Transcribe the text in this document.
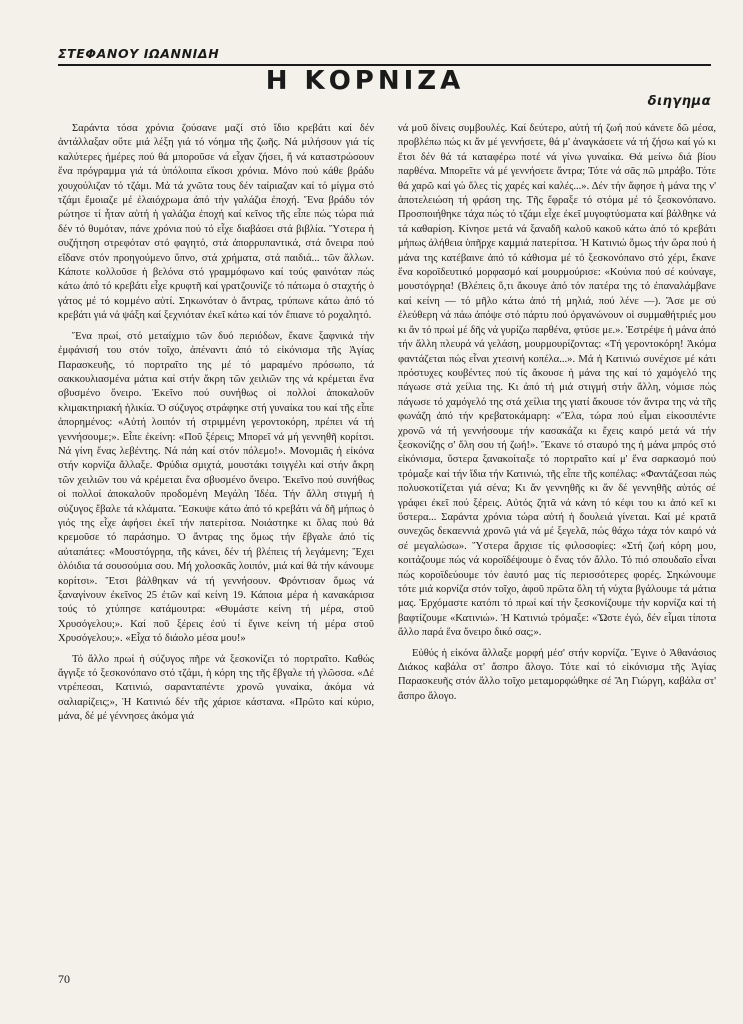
ΣΤΕΦΑΝΟΥ ΙΩΑΝΝΙΔΗ
Η ΚΟΡΝΙΖΑ
διηγημα

Σαράντα τόσα χρόνια ζούσανε μαζί στό ἴδιο κρεβάτι καί δέν ἀντάλλαξαν οὔτε μιά λέξη γιά τό νόημα τῆς ζωῆς. Νά μιλήσουν γιά τίς καλύτερες ἡμέρες πού θά μποροῦσε νά εἶχαν ζήσει, ἤ νά καταστρώσουν ἕνα πρόγραμμα γιά τά ὑπόλοιπα εἴκοσι χρόνια. Μόνο πού κάθε βράδυ χουχούλιζαν τό τζάμι. Μά τά χνῶτα τους δέν ταίριαζαν καί τό μίγμα στό τζάμι ἔμοιαζε μέ ἐλαιόχρωμα ἀπό τήν γαλάζια ἐποχή. Ἕνα βράδυ τόν ρώτησε τί ἦταν αὐτή ἡ γαλάζια ἐποχή καί κεῖνος τῆς εἶπε πώς τώρα πιά δέν τό θυμόταν, πάνε χρόνια πού τό εἶχε διαβάσει στά βιβλία. Ὕστερα ἡ συζήτηση στρεφόταν στό φαγητό, στά ἀπορρυπαντικά, στά ὄνειρα πού εἴδανε στόν προηγούμενο ὕπνο, στά χρήματα, στά παιδιά... τῶν ἄλλων. Κάποτε κολλοῦσε ἡ βελόνα στό γραμμόφωνο καί τούς φαινόταν πώς κάτω ἀπό τό κρεβάτι εἶχε κρυφτῆ καί γρατζουνίζε τό πάτωμα ὁ σταχτής ὁ γάτος μέ τό κομμένο αὐτί. Σηκωνόταν ὁ ἄντρας, τρύπωνε κάτω ἀπό τό κρεβάτι γιά νά ψάξη καί ξεχνιόταν ἐκεῖ κάτω καί τόν ἔπιανε τό ροχαλητό.

Ἕνα πρωί, στό μεταίχμιο τῶν δυό περιόδων, ἔκανε ξαφνικά τήν ἐμφάνισή του στόν τοῖχο, ἀπέναντι ἀπό τό εἰκόνισμα τῆς Ἁγίας Παρασκευῆς, τό πορτραῖτο της μέ τό μαραμένο πρόσωπο, τά σακκουλιασμένα μάτια καί στήν ἄκρη τῶν χειλιῶν της νά κρέμεται ἕνα σβυσμένο ὄνειρο. Ἐκεῖνο πού συνήθως οἱ πολλοί ἀποκαλοῦν κλιμακτηριακή ἡλικία. Ὁ σύζυγος στράφηκε στή γυναίκα του καί τῆς εἶπε ἀπορημένος: «Αὐτή λοιπόν τή στριμμένη γεροντοκόρη, πρέπει νά τή γεννήσουμε;». Εἶπε ἐκείνη: «Ποῦ ξέρεις; Μπορεῖ νά μή γεννηθῆ κορίτσι. Νά γίνη ἕνας λεβέντης. Νά πάη καί στόν πόλεμο!». Μονομιᾶς ἡ εἰκόνα στήν κορνίζα ἄλλαξε. Φρύδια σμιχτά, μουστάκι τσιγγέλι καί στήν ἄκρη τῶν χειλιῶν του νά κρέμεται ἕνα σβυσμένο ὄνειρο. Ἐκεῖνο πού συνήθως οἱ πολλοί ἀποκαλοῦν προδομένη Μεγάλη Ἰδέα. Τήν ἄλλη στιγμή ἡ σύζυγος ἔβαλε τά κλάματα. Ἔσκυψε κάτω ἀπό τό κρεβάτι νά δῆ μήπως ὁ γιός της εἶχε ἀφήσει ἐκεῖ τήν πατερίτσα. Νοιάστηκε κι ὅλας πού θά κρεμοῦσε τό παράσημο. Ὁ ἄντρας της ὅμως τήν ἔβγαλε ἀπό τίς αὐταπάτες: «Μουστόγρηα, τῆς κάνει, δέν τή βλέπεις τή λεγάμενη; Ἔχει ὁλόιδια τά σουσούμια σου. Μή χολοσκᾶς λοιπόν, μιά καί θά τήν κάνουμε κορίτσι». Ἔτσι βάλθηκαν νά τή γεννήσουν. Φρόντισαν ὅμως νά ξαναγίνουν ἐκεῖνος 25 ἐτῶν καί κείνη 19. Κάποια μέρα ἡ κανακάρισα τούς τό χτύπησε κατάμουτρα: «Θυμάστε κείνη τή μέρα, στοῦ Χρυσόγελου;». Καί ποῦ ξέρεις ἐσύ τί ἔγινε κείνη τή μέρα στοῦ Χρυσόγελου;». «Εἶχα τό διάολο μέσα μου!»

Τό ἄλλο πρωί ἡ σύζυγος πῆρε νά ξεσκονίζει τό πορτραῖτο. Καθώς ἄγγιξε τό ξεσκονόπανο στό τζάμι, ἡ κόρη της τῆς ἔβγαλε τή γλῶσσα. «Δέ ντρέπεσαι, Κατινιώ, σαρανταπέντε χρονῶ γυναίκα, ἀκόμα νά σαλιαρίζεις;», Ἡ Κατινιώ δέν τῆς χάρισε κάστανα. «Πρῶτο καί κύριο, μάνα, δέ μέ γέννησες ἀκόμα γιά

νά μοῦ δίνεις συμβουλές. Καί δεύτερο, αὐτή τή ζωή πού κάνετε δῶ μέσα, προβλέπω πώς κι ἄν μέ γεννήσετε, θά μ' ἀναγκάσετε νά τή ζήσω καί γώ κι ἔτσι δέν θά τά καταφέρω ποτέ νά γίνω γυναίκα. Θά μείνω διά βίου παρθένα. Μπορεῖτε νά μέ γεννήσετε ἄντρα; Τότε νά σᾶς πῶ μπράβο. Τότε θά χαρῶ καί γώ ὅλες τίς χαρές καί καλές...». Δέν τήν ἄφησε ἡ μάνα της ν' ἀποτελειώση τή φράση της. Τῆς ἔφραξε τό στόμα μέ τό ξεσκονόπανο. Προσποιήθηκε τάχα πώς τό τζάμι εἶχε ἐκεῖ μυγοφτύσματα καί βάλθηκε νά τά καθαρίση. Κίνησε μετά νά ξαναδῆ καλοῦ κακοῦ κάτω ἀπό τό κρεβάτι μήπως ἀλήθεια ὑπῆρχε καμμιά πατερίτσα. Ἡ Κατινιώ ὅμως τήν ὥρα πού ἡ μάνα της κατέβαινε ἀπό τό κάθισμα μέ τό ξεσκονόπανο στό χέρι, ἔκανε ἕνα κοροϊδευτικό μορφασμό καί μουρμούρισε: «Κούνια πού σέ κούναγε, μουστόγρηα! (Βλέπεις ὅ,τι ἄκουγε ἀπό τόν πατέρα της τό ἐπαναλάμβανε καί κείνη — τό μῆλο κάτω ἀπό τή μηλιά, πού λένε —). Ἄσε με σύ ἐλεύθερη νά πάω ἀπόψε στό πάρτυ πού ὀργανώνουν οἱ συμμαθήτριές μου κι ἄν τό πρωί μέ δῆς νά γυρίζω παρθένα, φτύσε με.». Ἐστρέψε ἡ μάνα ἀπό τήν ἄλλη πλευρά νά γελάση, μουρμουρίζοντας: «Τή γεροντοκόρη! Ἀκόμα φαντάζεται πώς εἶναι χτεσινή κοπέλα...». Μά ἡ Κατινιώ συνέχισε μέ κάτι πρόστυχες κουβέντες πού τίς ἄκουσε ἡ μάνα της καί τό χαμόγελό της πάγωσε στά χείλια της. Κι ἀπό τή μιά στιγμή στήν ἄλλη, νόμισε πώς πάγωσε τό χαμόγελό της στά χείλια της γιατί ἄκουσε τόν ἄντρα της νά τῆς φωνάζη ἀπό τήν κρεβατοκάμαρη: «Ἔλα, τώρα πού εἶμαι εἰκοσιπέντε χρονῶ νά τή γεννήσουμε τήν κασακάζα κι ἔχεις καιρό μετά νά τήν ξεσκονίζης σ' ὅλη σου τή ζωή!». Ἔκανε τό σταυρό της ἡ μάνα μπρός στό εἰκόνισμα, ὕστερα ξανακοίταξε τό πορτραῖτο καί μ' ἕνα σαρκασμό πού τρόμαξε καί τήν ἴδια τήν Κατινιώ, τῆς εἶπε τῆς κοπέλας: «Φαντάζεσαι πώς πολυσκοτίζεται γιά σένα; Κι ἄν γεννηθῆς κι ἄν δέ γεννηθῆς αὐτός σέ γράφει ἐκεῖ πού ξέρεις. Αὐτός ζητᾶ νά κάνη τό κέφι του κι ἀπό κεῖ κι ὕστερα... Σαράντα χρόνια τώρα αὐτή ἡ δουλειά γίνεται. Καί μέ κρατᾶ συνεχῶς δεκαεννιά χρονῶ γιά νά μέ ξεγελᾶ, πώς θάχω τάχα τόν καιρό νά σέ μεγαλώσω». Ὕστερα ἄρχισε τίς φιλοσοφίες: «Στή ζωή κόρη μου, κοιτάζουμε πώς νά κοροϊδέψουμε ὁ ἕνας τόν ἄλλο. Τό πιό σπουδαῖο εἶναι πώς κοροϊδεύουμε τόν ἑαυτό μας τίς περισσότερες φορές. Σηκώνουμε τότε μιά κορνίζα στόν τοῖχο, ἀφοῦ πρῶτα ὅλη τή νύχτα βγάλουμε τά μάτια μας. Ἐρχόμαστε κατόπι τό πρωί καί τήν ξεσκονίζουμε τήν κορνίζα καί τή βαφτίζουμε «Κατινιώ». Ἡ Κατινιώ τρόμαξε: «Ὥστε ἐγώ, δέν εἶμαι τίποτα ἄλλο παρά ἕνα ὄνειρο δικό σας;».

Εὐθύς ἡ εἰκόνα ἄλλαξε μορφή μέσ' στήν κορνίζα. Ἔγινε ὁ Ἀθανάσιος Διάκος καβάλα στ' ἄσπρο ἄλογο. Τότε καί τό εἰκόνισμα τῆς Ἁγίας Παρασκευῆς στόν ἄλλο τοῖχο μεταμορφώθηκε σέ Ἅη Γιώργη, καβάλα στ' ἄσπρο ἄλογο.

70
